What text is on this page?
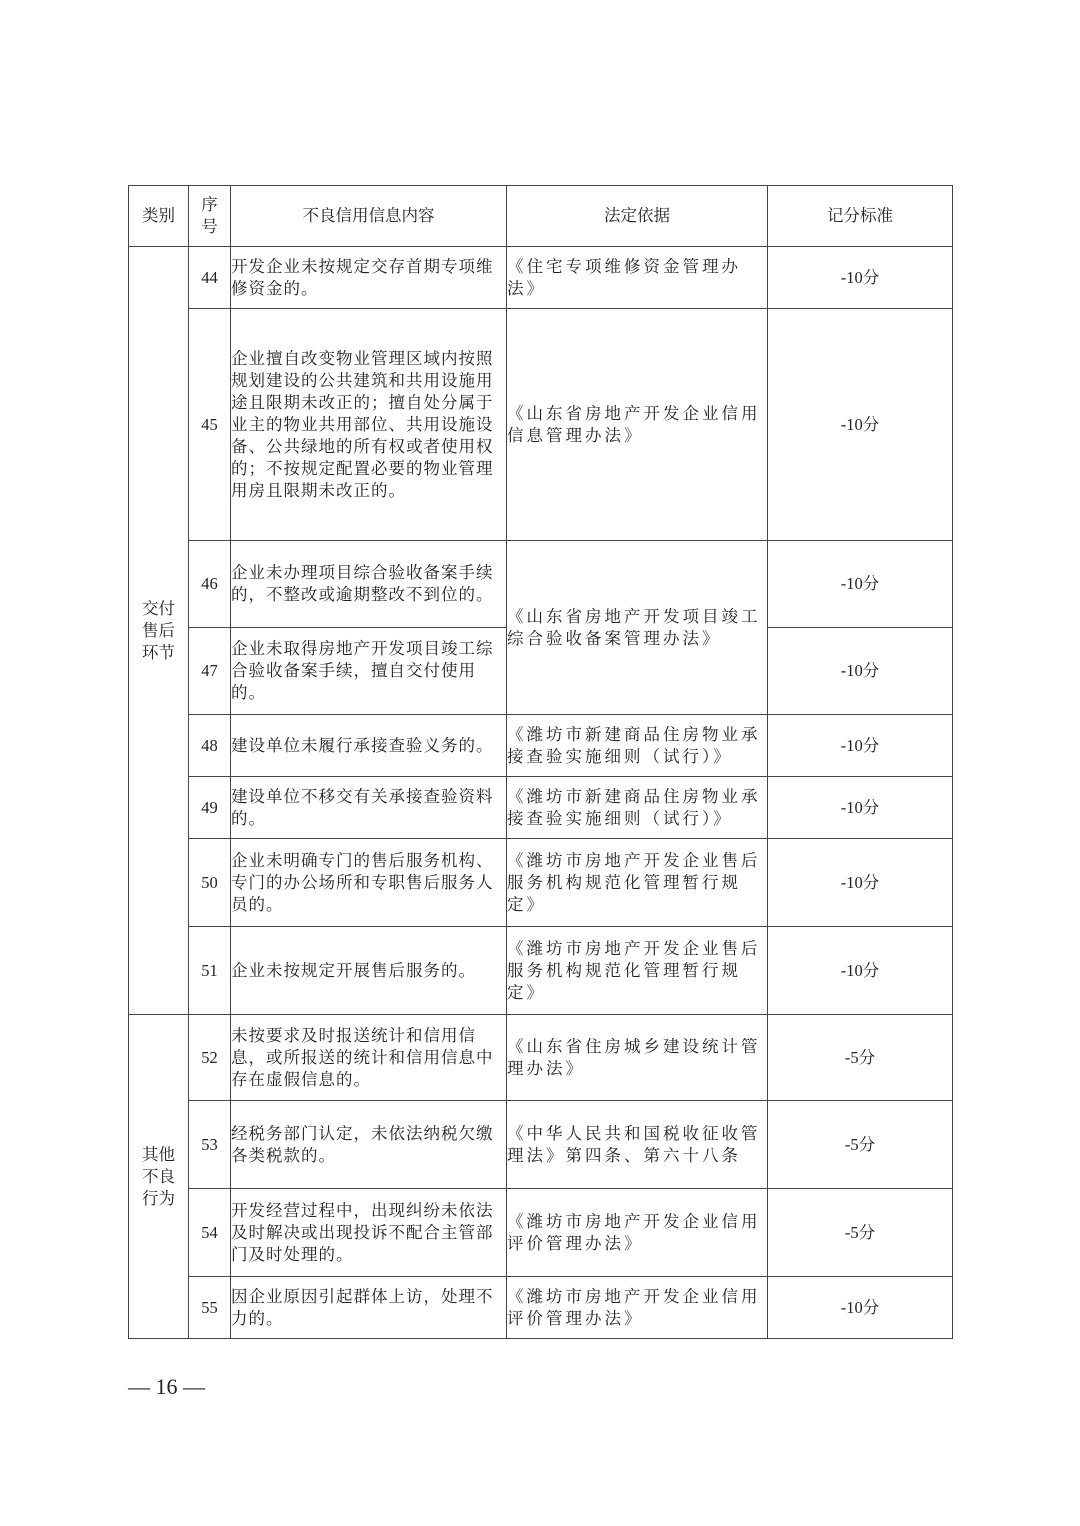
类别	序号	不良信用信息内容	法定依据	记分标准
交付售后环节	44	开发企业未按规定交存首期专项维修资金的。	《住宅专项维修资金管理办法》	-10分
	45	企业擅自改变物业管理区域内按照规划建设的公共建筑和共用设施用途且限期未改正的；擅自处分属于业主的物业共用部位、共用设施设备、公共绿地的所有权或者使用权的；不按规定配置必要的物业管理用房且限期未改正的。	《山东省房地产开发企业信用信息管理办法》	-10分
	46	企业未办理项目综合验收备案手续的，不整改或逾期整改不到位的。	《山东省房地产开发项目竣工综合验收备案管理办法》	-10分
	47	企业未取得房地产开发项目竣工综合验收备案手续，擅自交付使用的。		-10分
	48	建设单位未履行承接查验义务的。	《潍坊市新建商品住房物业承接查验实施细则（试行）》	-10分
	49	建设单位不移交有关承接查验资料的。	《潍坊市新建商品住房物业承接查验实施细则（试行）》	-10分
	50	企业未明确专门的售后服务机构、专门的办公场所和专职售后服务人员的。	《潍坊市房地产开发企业售后服务机构规范化管理暂行规定》	-10分
	51	企业未按规定开展售后服务的。	《潍坊市房地产开发企业售后服务机构规范化管理暂行规定》	-10分
其他不良行为	52	未按要求及时报送统计和信用信息，或所报送的统计和信用信息中存在虚假信息的。	《山东省住房城乡建设统计管理办法》	-5分
	53	经税务部门认定，未依法纳税欠缴各类税款的。	《中华人民共和国税收征收管理法》第四条、第六十八条	-5分
	54	开发经营过程中，出现纠纷未依法及时解决或出现投诉不配合主管部门及时处理的。	《潍坊市房地产开发企业信用评价管理办法》	-5分
	55	因企业原因引起群体上访，处理不力的。	《潍坊市房地产开发企业信用评价管理办法》	-10分
— 16 —
